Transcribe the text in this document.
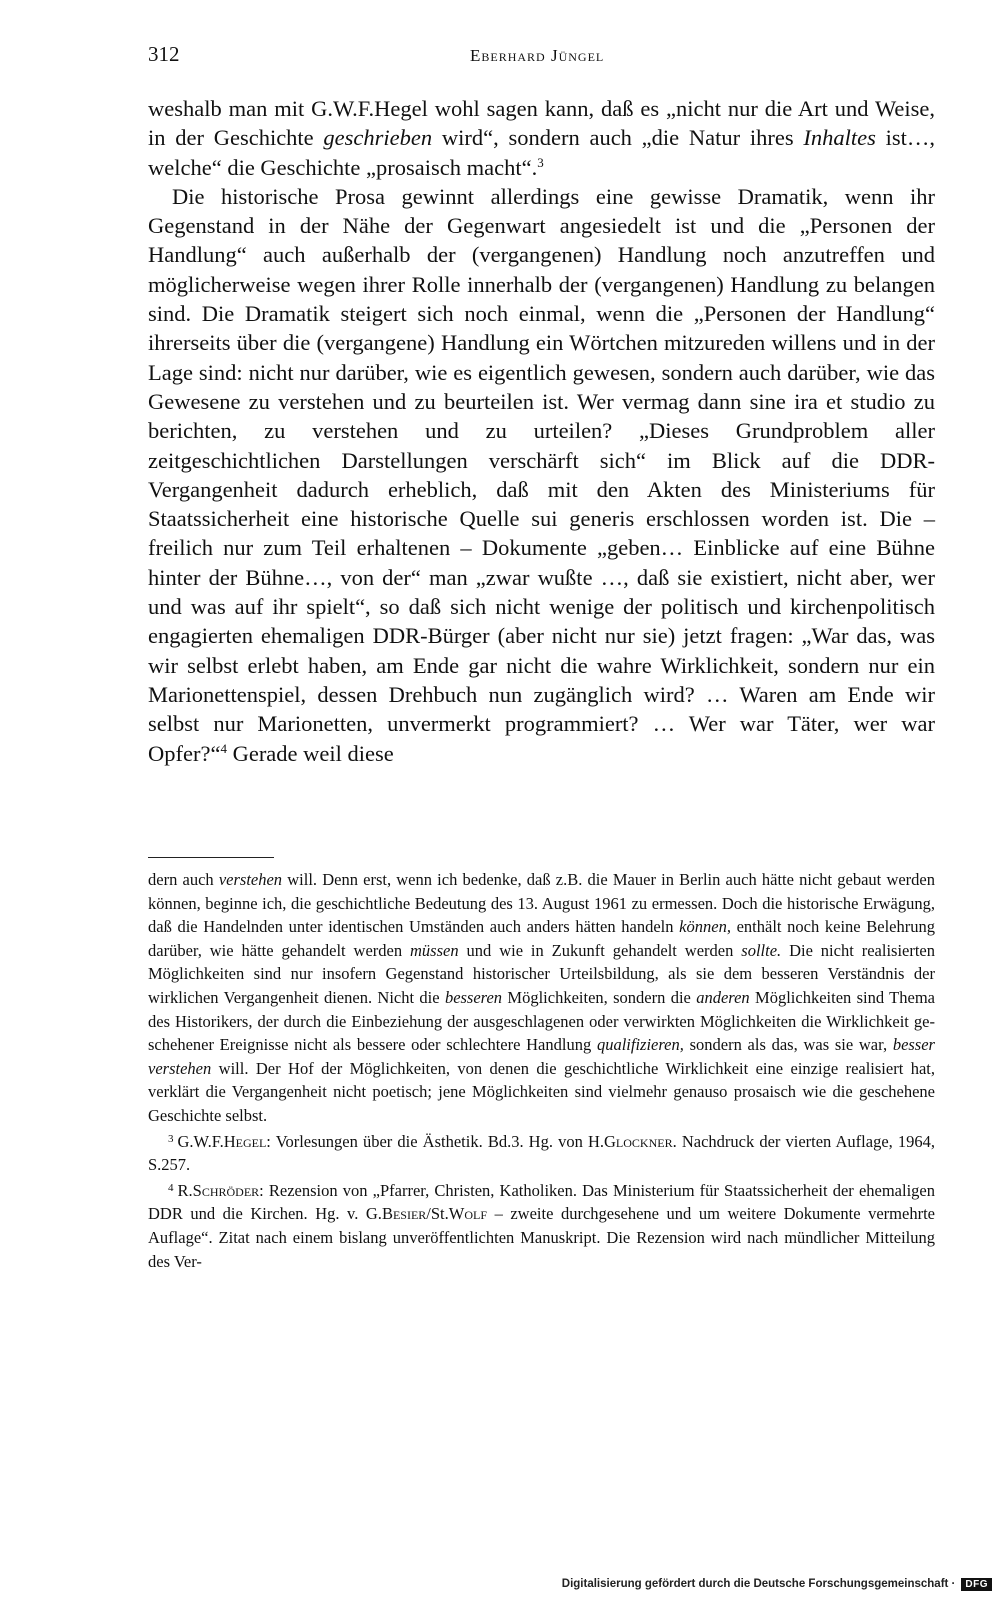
312	Eberhard Jüngel

weshalb man mit G.W.F.Hegel wohl sagen kann, daß es „nicht nur die Art und Weise, in der Geschichte geschrieben wird“, sondern auch „die Natur ihres Inhaltes ist…, welche“ die Geschichte „prosaisch macht“.$^3$

Die historische Prosa gewinnt allerdings eine gewisse Dramatik, wenn ihr Gegenstand in der Nähe der Gegenwart angesiedelt ist und die „Personen der Handlung“ auch außerhalb der (vergangenen) Handlung noch anzutreffen und möglicherweise wegen ihrer Rolle innerhalb der (vergangenen) Handlung zu belangen sind. Die Dramatik steigert sich noch einmal, wenn die „Personen der Handlung“ ihrerseits über die (vergangene) Handlung ein Wörtchen mitzureden willens und in der Lage sind: nicht nur darüber, wie es eigentlich gewesen, sondern auch darüber, wie das Gewesene zu verstehen und zu beurteilen ist. Wer vermag dann sine ira et studio zu berichten, zu verstehen und zu urteilen? „Dieses Grundproblem aller zeitgeschichtlichen Darstellungen verschärft sich“ im Blick auf die DDR-Vergangenheit dadurch erheblich, daß mit den Akten des Ministeriums für Staatssicherheit eine historische Quelle sui generis erschlossen worden ist. Die – freilich nur zum Teil erhaltenen – Dokumente „geben… Einblicke auf eine Bühne hinter der Bühne…, von der“ man „zwar wußte …, daß sie existiert, nicht aber, wer und was auf ihr spielt“, so daß sich nicht wenige der politisch und kirchenpolitisch engagierten ehemaligen DDR-Bürger (aber nicht nur sie) jetzt fragen: „War das, was wir selbst erlebt haben, am Ende gar nicht die wahre Wirklichkeit, sondern nur ein Marionettenspiel, dessen Drehbuch nun zugänglich wird? … Waren am Ende wir selbst nur Marionetten, unvermerkt programmiert? … Wer war Täter, wer war Opfer?“$^4$ Gerade weil diese

dern auch verstehen will. Denn erst, wenn ich bedenke, daß z.B. die Mauer in Berlin auch hätte nicht gebaut werden können, beginne ich, die geschichtliche Bedeutung des 13. August 1961 zu ermessen. Doch die historische Erwägung, daß die Handelnden unter identischen Umständen auch anders hätten handeln können, enthält noch keine Belehrung darüber, wie hätte gehandelt werden müssen und wie in Zukunft gehandelt werden sollte. Die nicht realisierten Möglichkeiten sind nur insofern Gegenstand historischer Urteilsbildung, als sie dem besseren Verständnis der wirklichen Vergangenheit dienen. Nicht die besseren Möglichkeiten, sondern die anderen Möglichkeiten sind Thema des Historikers, der durch die Einbeziehung der ausgeschlagenen oder verwirkten Möglichkeiten die Wirklichkeit geschehener Ereignisse nicht als bessere oder schlechtere Handlung qualifizieren, sondern als das, was sie war, besser verstehen will. Der Hof der Möglichkeiten, von denen die geschichtliche Wirklichkeit eine einzige realisiert hat, verklärt die Vergangenheit nicht poetisch; jene Möglichkeiten sind vielmehr genauso prosaisch wie die geschehene Geschichte selbst.

$^3$ G.W.F.Hegel: Vorlesungen über die Ästhetik. Bd.3. Hg. von H.Glockner. Nachdruck der vierten Auflage, 1964, S.257.

$^4$ R.Schröder: Rezension von „Pfarrer, Christen, Katholiken. Das Ministerium für Staatssicherheit der ehemaligen DDR und die Kirchen. Hg. v. G.Besier/St.Wolf – zweite durchgesehene und um weitere Dokumente vermehrte Auflage“. Zitat nach einem bislang unveröffentlichten Manuskript. Die Rezension wird nach mündlicher Mitteilung des Ver-

Digitalisierung gefördert durch die Deutsche Forschungsgemeinschaft ·	DFG
